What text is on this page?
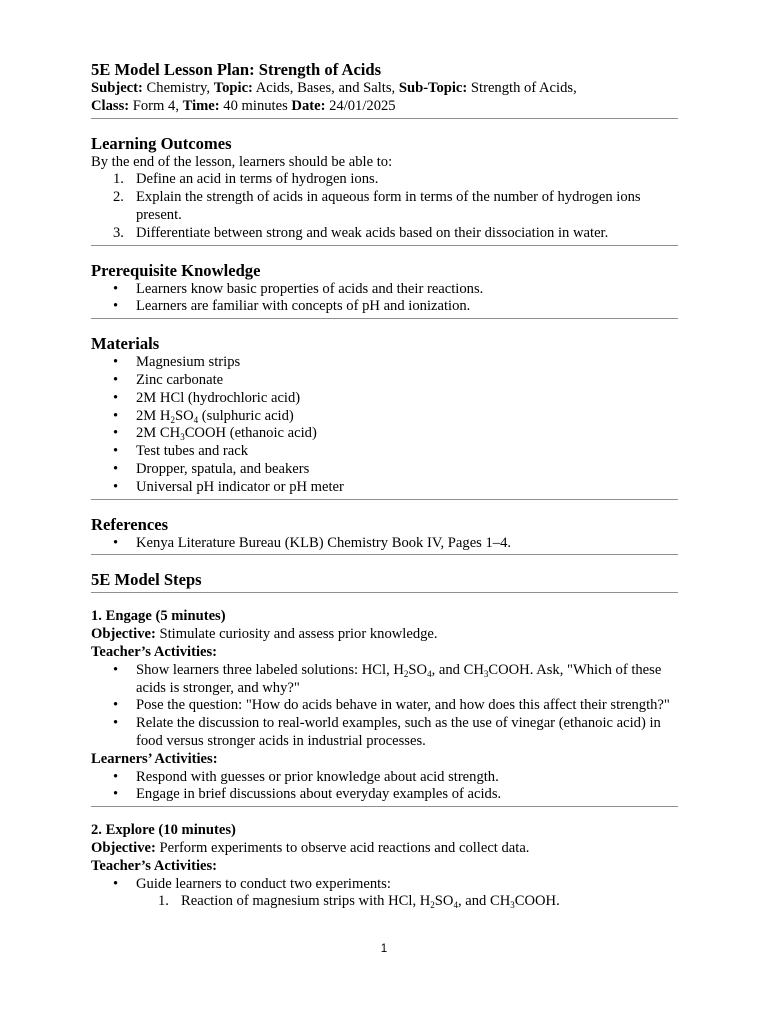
5E Model Lesson Plan: Strength of Acids

Subject: Chemistry, Topic: Acids, Bases, and Salts, Sub-Topic: Strength of Acids,

Class: Form 4, Time: 40 minutes Date: 24/01/2025

Learning Outcomes

By the end of the lesson, learners should be able to:

1. Define an acid in terms of hydrogen ions.
2. Explain the strength of acids in aqueous form in terms of the number of hydrogen ions present.
3. Differentiate between strong and weak acids based on their dissociation in water.

Prerequisite Knowledge

• Learners know basic properties of acids and their reactions.
• Learners are familiar with concepts of pH and ionization.

Materials

• Magnesium strips
• Zinc carbonate
• 2M HCl (hydrochloric acid)
• 2M $H_2SO_4$ (sulphuric acid)
• 2M $CH_3COOH$ (ethanoic acid)
• Test tubes and rack
• Dropper, spatula, and beakers
• Universal pH indicator or pH meter

References

• Kenya Literature Bureau (KLB) Chemistry Book IV, Pages 1–4.

5E Model Steps

1. Engage (5 minutes)

Objective: Stimulate curiosity and assess prior knowledge.

Teacher’s Activities:

• Show learners three labeled solutions: HCl, $H_2SO_4$, and $CH_3COOH$. Ask, "Which of these acids is stronger, and why?"
• Pose the question: "How do acids behave in water, and how does this affect their strength?"
• Relate the discussion to real-world examples, such as the use of vinegar (ethanoic acid) in food versus stronger acids in industrial processes.

Learners’ Activities:

• Respond with guesses or prior knowledge about acid strength.
• Engage in brief discussions about everyday examples of acids.

2. Explore (10 minutes)

Objective: Perform experiments to observe acid reactions and collect data.

Teacher’s Activities:

• Guide learners to conduct two experiments:
1. Reaction of magnesium strips with HCl, $H_2SO_4$, and $CH_3COOH$.
1
